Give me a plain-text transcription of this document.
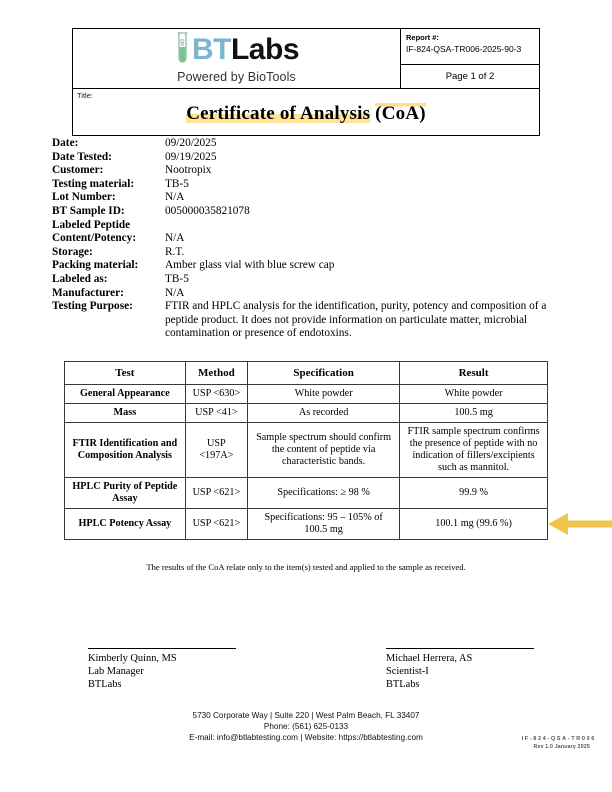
BT Labs
Powered by BioTools
Report #:
IF-824-QSA-TR006-2025-90-3
Page 1 of 2
Title:
Certificate of Analysis (CoA)
Date:	09/20/2025
Date Tested:	09/19/2025
Customer:	Nootropix
Testing material:	TB-5
Lot Number:	N/A
BT Sample ID:	005000035821078
Labeled Peptide
Content/Potency:	N/A
Storage:	R.T.
Packing material:	Amber glass vial with blue screw cap
Labeled as:	TB-5
Manufacturer:	N/A
Testing Purpose:	FTIR and HPLC analysis for the identification, purity, potency and composition of a peptide product. It does not provide information on particulate matter, microbial contamination or presence of endotoxins.
Test	Method	Specification	Result
General Appearance	USP <630>	White powder	White powder
Mass	USP <41>	As recorded	100.5 mg
FTIR Identification and Composition Analysis	USP <197A>	Sample spectrum should confirm the content of peptide via characteristic bands.	FTIR sample spectrum confirms the presence of peptide with no indication of fillers/excipients such as mannitol.
HPLC Purity of Peptide Assay	USP <621>	Specifications: ≥ 98 %	99.9 %
HPLC Potency Assay	USP <621>	Specifications: 95 – 105% of 100.5 mg	100.1 mg (99.6 %)
The results of the CoA relate only to the item(s) tested and applied to the sample as received.
Kimberly Quinn, MS
Lab Manager
BTLabs
Michael Herrera, AS
Scientist-I
BTLabs
5730 Corporate Way | Suite 220 | West Palm Beach, FL 33407
Phone: (561) 625-0133
E-mail: info@btlabtesting.com | Website: https://btlabtesting.com	IF-824-QSA-TR006
Rev 1.0 January 2025
